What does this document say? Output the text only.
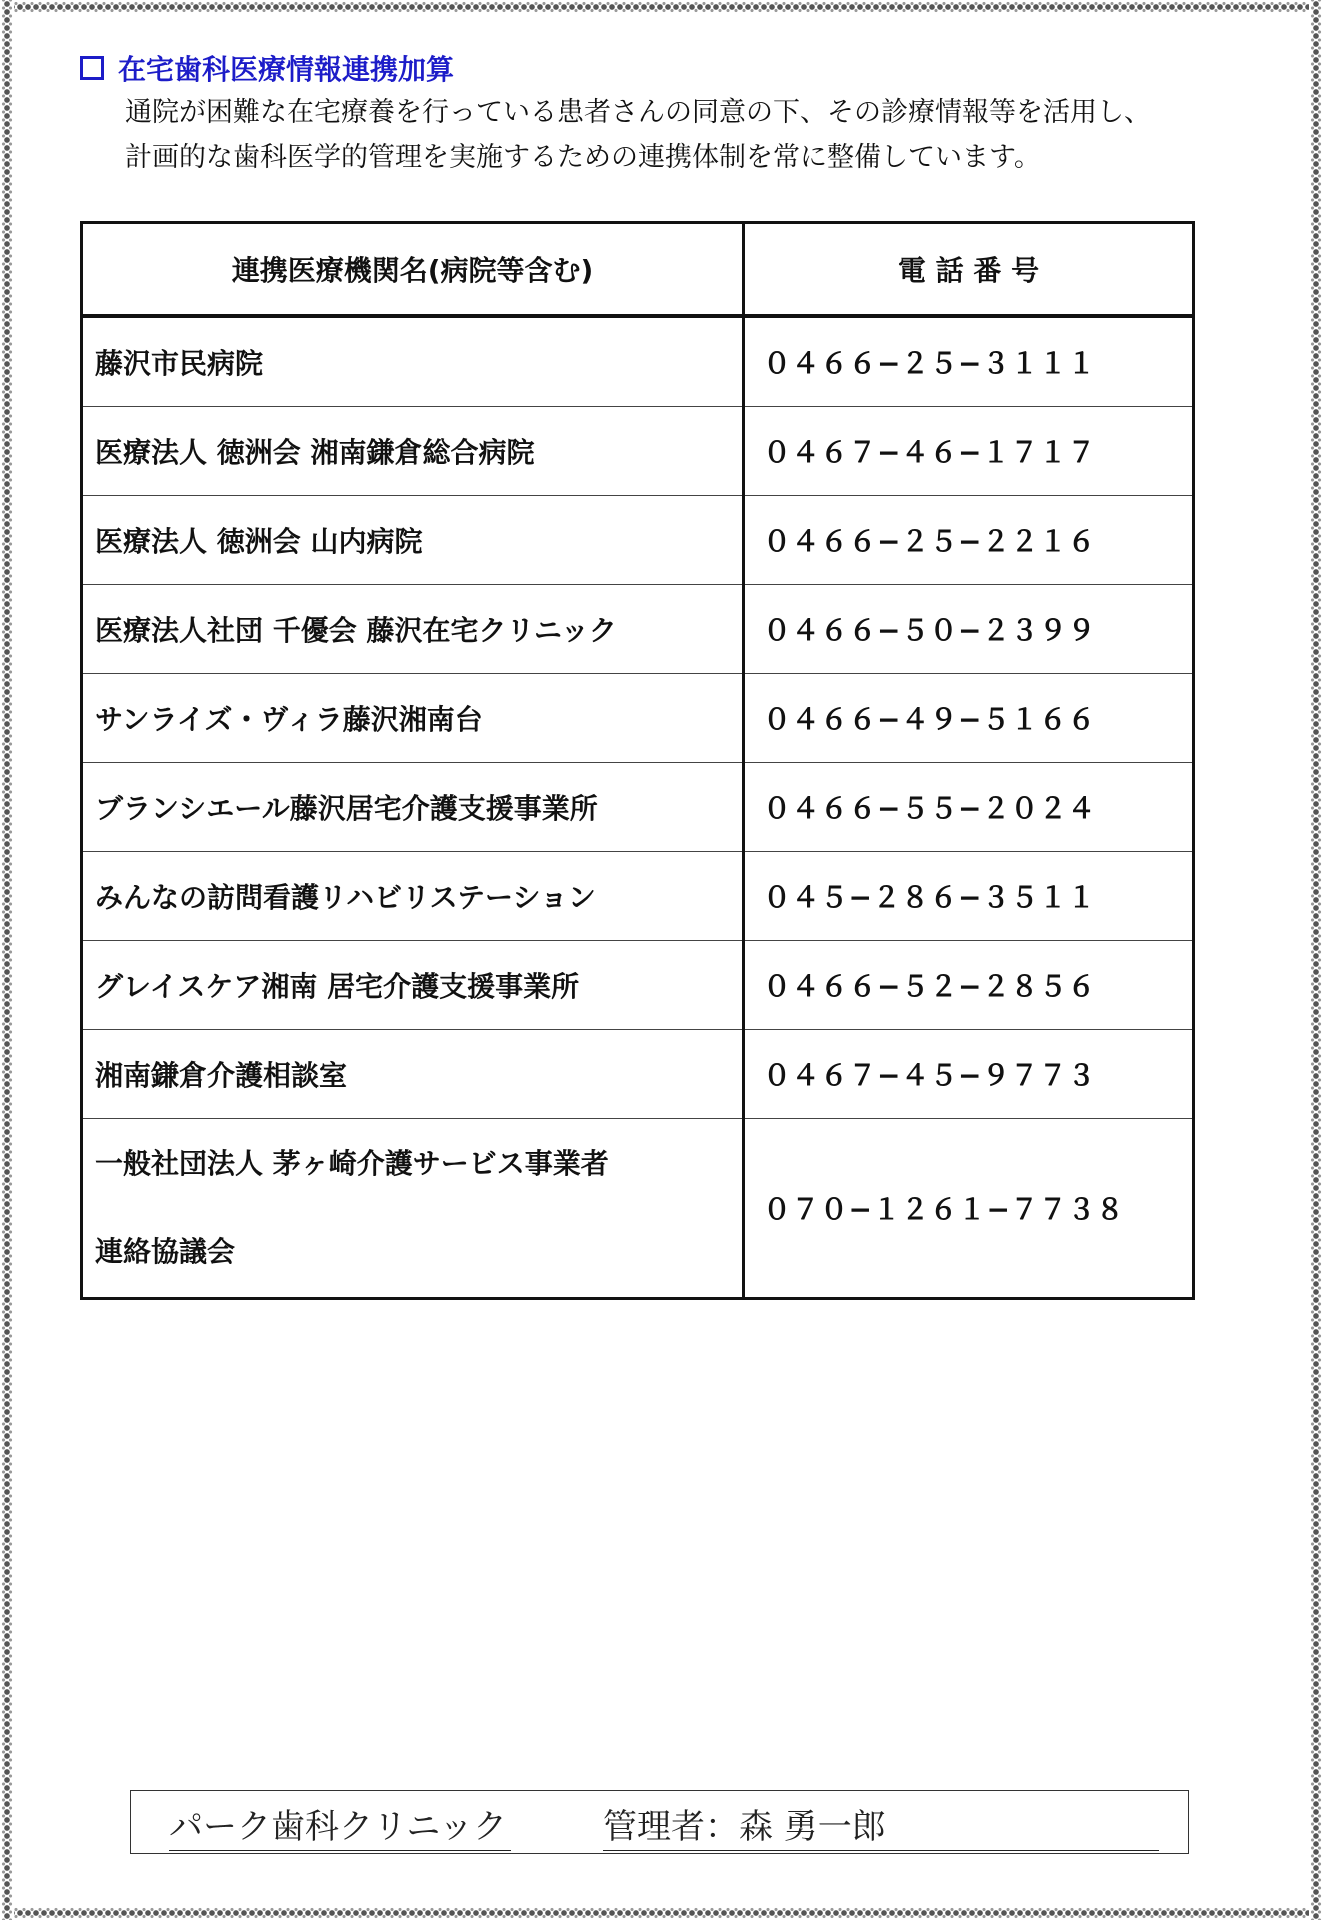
在宅歯科医療情報連携加算

通院が困難な在宅療養を行っている患者さんの同意の下、その診療情報等を活用し、

計画的な歯科医学的管理を実施するための連携体制を常に整備しています。

連携医療機関名(病院等含む)	電 話 番 号
藤沢市民病院	０４６６−２５−３１１１
医療法人 徳洲会 湘南鎌倉総合病院	０４６７−４６−１７１７
医療法人 徳洲会 山内病院	０４６６−２５−２２１６
医療法人社団 千優会 藤沢在宅クリニック	０４６６−５０−２３９９
サンライズ・ヴィラ藤沢湘南台	０４６６−４９−５１６６
ブランシエール藤沢居宅介護支援事業所	０４６６−５５−２０２４
みんなの訪問看護リハビリステーション	０４５−２８６−３５１１
グレイスケア湘南 居宅介護支援事業所	０４６６−５２−２８５６
湘南鎌倉介護相談室	０４６７−４５−９７７３

一般社団法人 茅ヶ崎介護サービス事業者
連絡協議会	０７０−１２６１−７７３８
パーク歯科クリニック	管理者：森 勇一郎
